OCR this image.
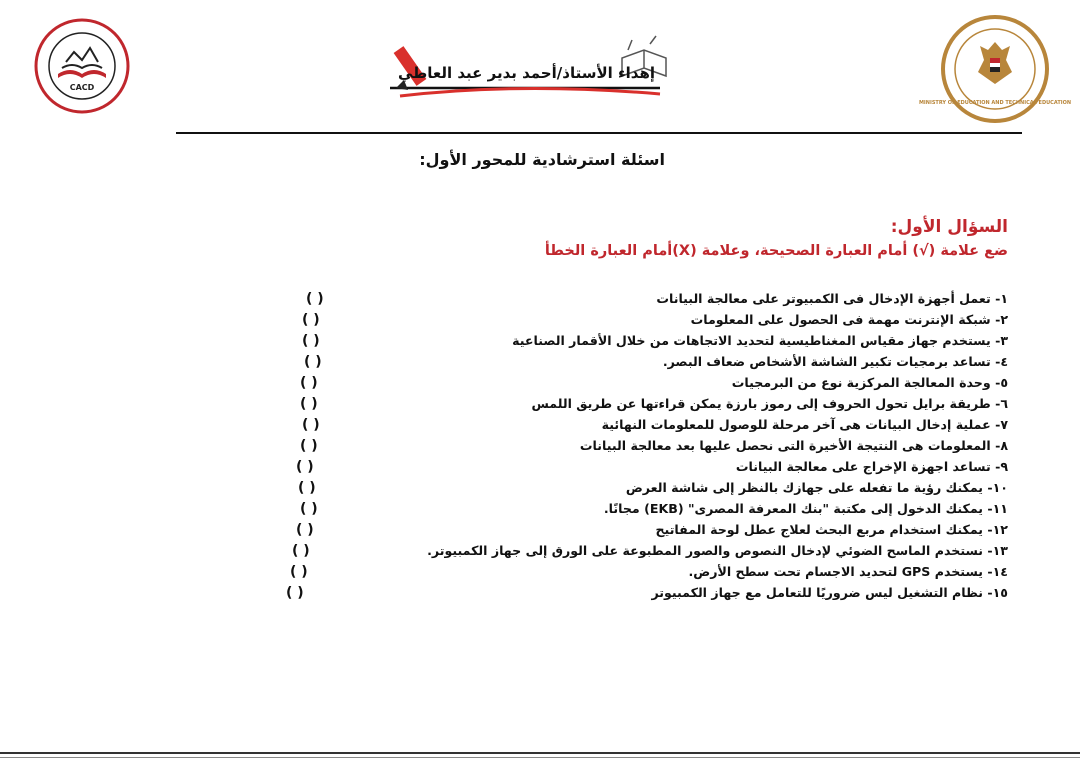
CACD
إهداء الأستاذ/أحمد بدير عبد العاطي
MINISTRY OF EDUCATION AND TECHNICAL EDUCATION
اسئلة استرشادية للمحور الأول:
السؤال الأول:
ضع علامة (√) أمام العبارة الصحيحة، وعلامة (X)أمام العبارة الخطأ
١- تعمل أجهزة الإدخال فى الكمبيوتر على معالجة البيانات
( )
٢- شبكة الإنترنت مهمة فى الحصول على المعلومات
( )
٣- يستخدم جهاز مقياس المغناطيسية لتحديد الاتجاهات من خلال الأقمار الصناعية
( )
٤- تساعد برمجيات تكبير الشاشة الأشخاص ضعاف البصر.
( )
٥- وحدة المعالجة المركزية نوع من البرمجيات
( )
٦- طريقة برايل تحول الحروف إلى رموز بارزة يمكن قراءتها عن طريق اللمس
( )
٧- عملية إدخال البيانات هى آخر مرحلة للوصول للمعلومات النهائية
( )
٨- المعلومات هى النتيجة الأخيرة التى نحصل عليها بعد معالجة البيانات
( )
٩- تساعد اجهزة الإخراج على معالجة البيانات
( )
١٠- يمكنك رؤية ما تفعله على جهازك بالنظر إلى شاشة العرض
( )
١١- يمكنك الدخول إلى مكتبة "بنك المعرفة المصرى" (EKB) مجانًا.
( )
١٢- يمكنك استخدام مربع البحث لعلاج عطل لوحة المفاتيح
( )
١٣- نستخدم الماسح الضوئي لإدخال النصوص والصور المطبوعة على الورق إلى جهاز الكمبيوتر.
( )
١٤- يستخدم GPS لتحديد الاجسام تحت سطح الأرض.
( )
١٥- نظام التشغيل ليس ضروريًا للتعامل مع جهاز الكمبيوتر
( )
